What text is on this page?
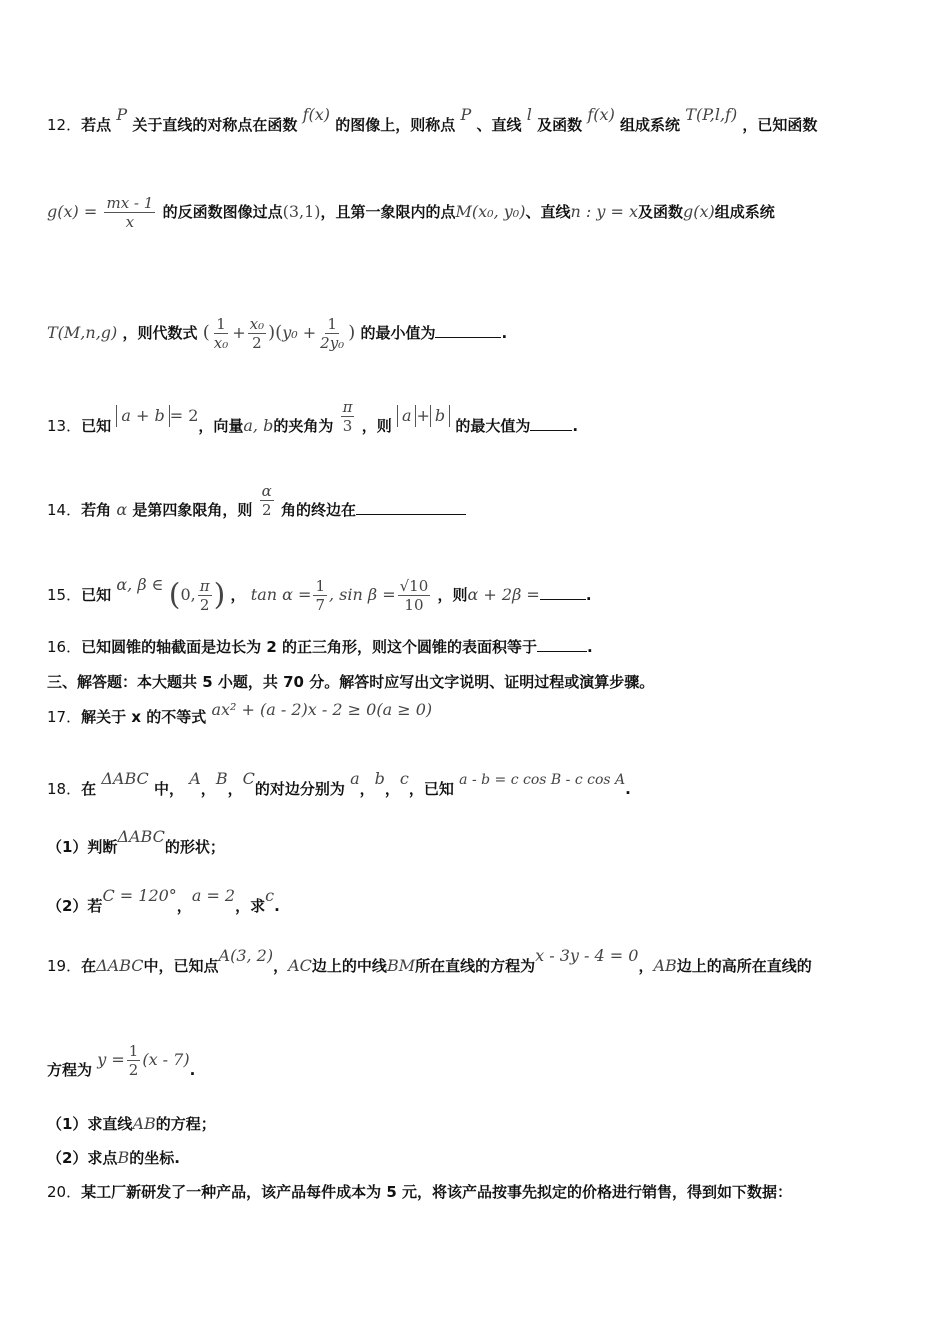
12．若点 P 关于直线的对称点在函数 f(x) 的图像上，则称点 P 、直线 l 及函数 f(x) 组成系统 T(P,l,f) ，已知函数
$g(x) = \frac{mx - 1}{x}$ 的反函数图像过点(3,1)，且第一象限内的点M(x₀, y₀)、直线n : y = x及函数g(x)组成系统
T(M,n,g) ，则代数式 ( $\frac{1}{\text{x₀}} + \frac{\text{x₀}}{2} )(y_0 + \frac{1}{\text{2y₀}}$ ) 的最小值为	.
13．已知 a + b = 2，向量a, b的夹角为 $\frac{\pi}{3}$ ，则 a + b 的最大值为	.
14．若角 α 是第四象限角，则 $\frac{\alpha}{2}$ 角的终边在
15．已知 α, β ∈ (0, $\frac{\pi}{2}$ ) ， $\tan \alpha = \frac{1}{7}$ , $\sin \beta = \frac{√10}{10}$ ，则α + 2β =	.
16．已知圆锥的轴截面是边长为 2 的正三角形，则这个圆锥的表面积等于	.
三、解答题：本大题共 5 小题，共 70 分。解答时应写出文字说明、证明过程或演算步骤。
17．解关于 x 的不等式 ax² + (a - 2)x - 2 ≥ 0(a ≥ 0)
18．在 ΔABC 中， A，B，C的对边分别为 a，b，c，已知 a - b = c cos B - c cos A.
（1）判断ΔABC的形状；
（2）若C = 120°，a = 2，求c.
19．在ΔABC中，已知点A(3, 2)，AC边上的中线BM所在直线的方程为x - 3y - 4 = 0，AB边上的高所在直线的
方程为 $y = \frac{1}{2} (x - 7)$.
（1）求直线AB的方程；
（2）求点B的坐标.
20．某工厂新研发了一种产品，该产品每件成本为 5 元，将该产品按事先拟定的价格进行销售，得到如下数据：
